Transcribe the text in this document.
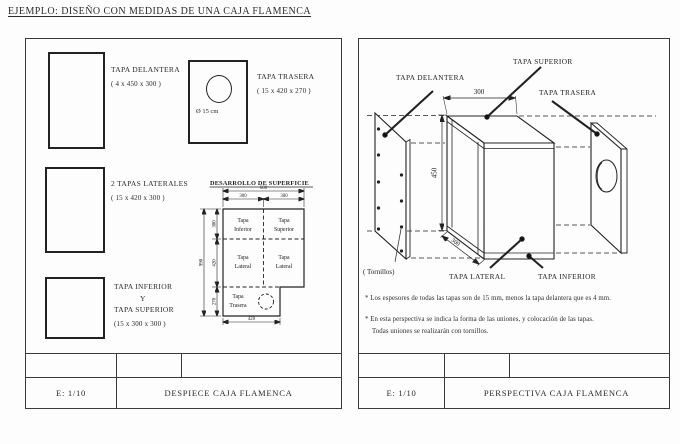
EJEMPLO: DISEÑO CON MEDIDAS DE UNA CAJA FLAMENCA
TAPA DELANTERA
( 4 x 450 x 300 )
Ø 15 cm
TAPA TRASERA
( 15 x 420 x 270 )
2 TAPAS LATERALES
( 15 x 420 x 300 )
TAPA INFERIOR
Y
TAPA SUPERIOR
(15 x 300 x 300 )
DESARROLLO DE SUPERFICIE
600
300	300
990
300
420
270
420
Tapa
Inferior
Tapa
Superior
Tapa
Lateral
Tapa
Lateral
Tapa
Trasera
E: 1/10	DESPIECE CAJA FLAMENCA
300
450
300
TAPA DELANTERA
TAPA SUPERIOR
TAPA TRASERA
TAPA LATERAL	TAPA INFERIOR
( Tornillos)
* Los espesores de todas las tapas son de 15 mm, menos la tapa delantera que es 4 mm.
* En esta perspectiva se indica la forma de las uniones, y colocación de las tapas.
Todas uniones se realizarán con tornillos.
E: 1/10	PERSPECTIVA CAJA FLAMENCA
